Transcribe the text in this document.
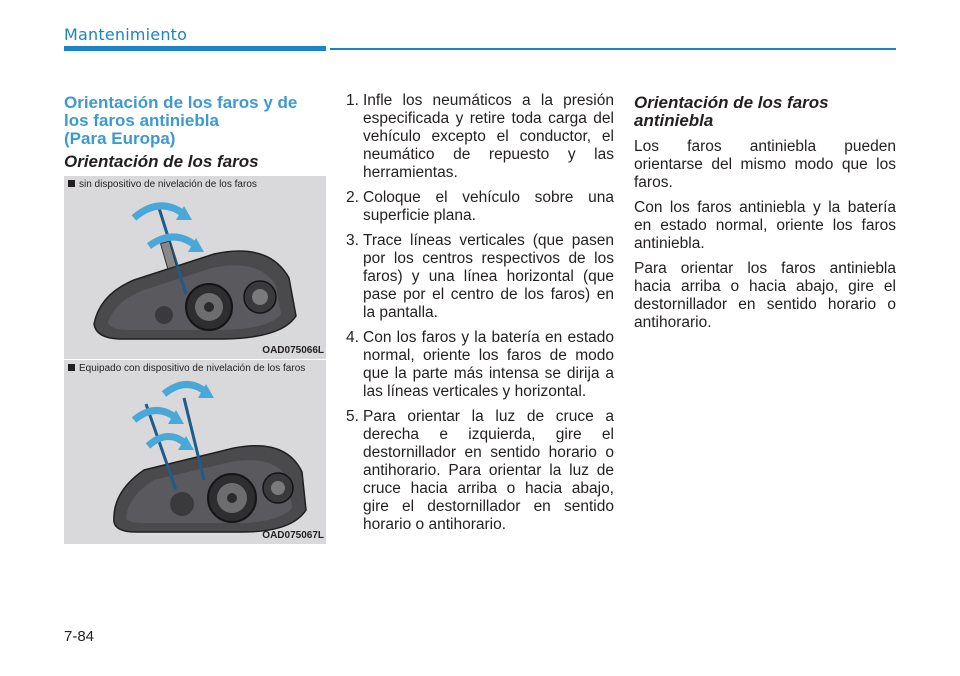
Mantenimiento
Orientación de los faros y de
los faros antiniebla
(Para Europa)
Orientación de los faros
sin dispositivo de nivelación de los faros
OAD075066L
Equipado con dispositivo de nivelación de los faros
OAD075067L
1. Infle los neumáticos a la presión especificada y retire toda carga del vehículo excepto el conductor, el neumático de repuesto y las herramientas.
2. Coloque el vehículo sobre una superficie plana.
3. Trace líneas verticales (que pasen por los centros respectivos de los faros) y una línea horizontal (que pase por el centro de los faros) en la pantalla.
4. Con los faros y la batería en estado normal, oriente los faros de modo que la parte más intensa se dirija a las líneas verticales y horizontal.
5. Para orientar la luz de cruce a derecha e izquierda, gire el destornillador en sentido horario o antihorario. Para orientar la luz de cruce hacia arriba o hacia abajo, gire el destornillador en sentido horario o antihorario.
Orientación de los faros antiniebla

Los faros antiniebla pueden orientarse del mismo modo que los faros.

Con los faros antiniebla y la batería en estado normal, oriente los faros antiniebla.

Para orientar los faros antiniebla hacia arriba o hacia abajo, gire el destornillador en sentido horario o antihorario.

7-84
